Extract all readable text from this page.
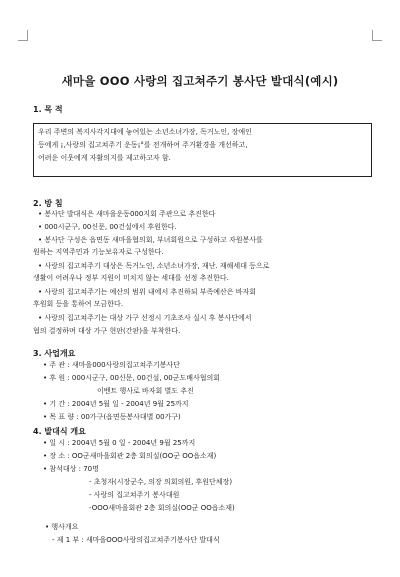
새마을 OOO 사랑의 집고쳐주기 봉사단 발대식(예시)
1. 목 적
우리 주변의 복지사각지대에 놓여있는 소년소녀가장, 독거노인, 장애인
등에게 ¡,사랑의 집고쳐주기 운동¡°를 전개하여 주거환경을 개선하고,
어려운 이웃에게 자활의지를 제고하고자 함.
2. 방 침
• 봉사단 발대식은 새마을운동000지회 주관으로 추진한다
• 000시군구, 00신문, 00건설에서 후원한다.
• 봉사단 구성은 읍면동 새마을협의회, 부녀회원으로 구성하고 자원봉사를
원하는 지역주민과 기능보유자로 구성한다.
• 사랑의 집고쳐주기 대상은 독거노인, 소년소녀가장, 재난. 재해세대 등으로
생활이 어려우나 정부 지원이 미치지 않는 세대를 선정 추진한다.
• 사랑의 집고쳐주기는 예산의 범위 내에서 추진하되 부족예산은 바자회
후원회 등을 통하여 모금한다.
• 사랑의 집고쳐주기는 대상 가구 선정시 기초조사 실시 후 봉사단에서
협의 결정하며 대상 가구 현판(간판)을 부착한다.
3. 사업개요
• 주 관 : 새마을000사랑의집고쳐주기봉사단
• 후 원 : 000시군구, 00신문, 00건설, 00군도배사협의회
이벤트 행사로 바자회 별도 추진
• 기 간 : 2004년 5월 일 - 2004년 9월 25까지
• 목 표 량 : 00가구(읍면동봉사대별 00가구)
4. 발대식 개요
• 일 시 : 2004년 5월 0 일 - 2004년 9월 25까지
• 장 소 : OO군새마을회관 2층 회의실(OO군 OO읍소재)
• 참석대상 : 70명
- 초청자(시장군수, 의장 의회의원, 후원단체장)
- 사랑의 집고쳐주기 봉사대원
-OOO새마을회관 2층 회의실(OO군 OO읍소재)
• 행사개요
- 제 1 부 : 새마을OOO사랑의집고쳐주기봉사단 발대식
